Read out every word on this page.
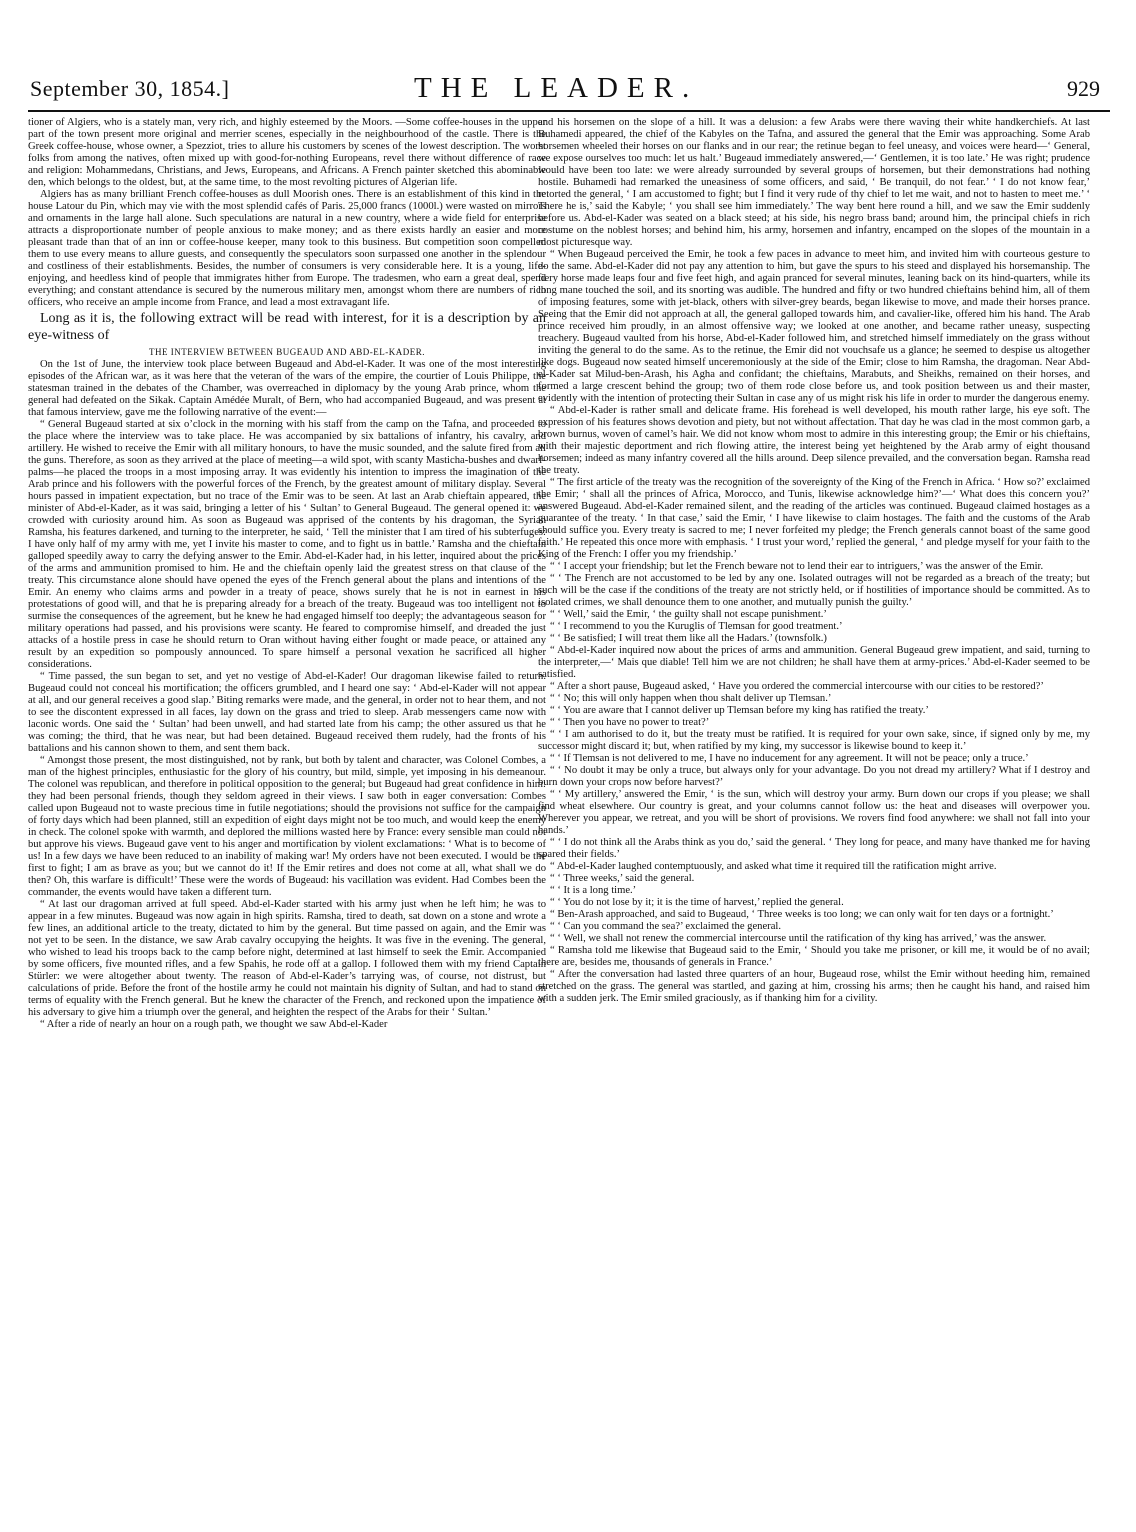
September 30, 1854.]	THE LEADER.	929

tioner of Algiers, who is a stately man, very rich, and highly esteemed by the Moors. —Some coffee-houses in the upper part of the town present more original and merrier scenes, especially in the neighbourhood of the castle. There is the Greek coffee-house, whose owner, a Spezziot, tries to allure his customers by scenes of the lowest description. The worst folks from among the natives, often mixed up with good-for-nothing Europeans, revel there without difference of race and religion: Mohammedans, Christians, and Jews, Europeans, and Africans. A French painter sketched this abominable den, which belongs to the oldest, but, at the same time, to the most revolting pictures of Algerian life.

Algiers has as many brilliant French coffee-houses as dull Moorish ones. There is an establishment of this kind in the house Latour du Pin, which may vie with the most splendid cafés of Paris. 25,000 francs (1000l.) were wasted on mirrors and ornaments in the large hall alone. Such speculations are natural in a new country, where a wide field for enterprise attracts a disproportionate number of people anxious to make money; and as there exists hardly an easier and more pleasant trade than that of an inn or coffee-house keeper, many took to this business. But competition soon compelled them to use every means to allure guests, and consequently the speculators soon surpassed one another in the splendour and costliness of their establishments. Besides, the number of consumers is very considerable here. It is a young, life-enjoying, and heedless kind of people that immigrates hither from Europe. The tradesmen, who earn a great deal, spend everything; and constant attendance is secured by the numerous military men, amongst whom there are numbers of rich officers, who receive an ample income from France, and lead a most extravagant life.

Long as it is, the following extract will be read with interest, for it is a description by an eye-witness of

THE INTERVIEW BETWEEN BUGEAUD AND ABD-EL-KADER.

On the 1st of June, the interview took place between Bugeaud and Abd-el-Kader. It was one of the most interesting episodes of the African war, as it was here that the veteran of the wars of the empire, the courtier of Louis Philippe, the statesman trained in the debates of the Chamber, was overreached in diplomacy by the young Arab prince, whom the general had defeated on the Sikak. Captain Amédée Muralt, of Bern, who had accompanied Bugeaud, and was present at that famous interview, gave me the following narrative of the event:—

“ General Bugeaud started at six o’clock in the morning with his staff from the camp on the Tafna, and proceeded to the place where the interview was to take place. He was accompanied by six battalions of infantry, his cavalry, and artillery. He wished to receive the Emir with all military honours, to have the music sounded, and the salute fired from all the guns. Therefore, as soon as they arrived at the place of meeting—a wild spot, with scanty Masticha-bushes and dwarf-palms—he placed the troops in a most imposing array. It was evidently his intention to impress the imagination of the Arab prince and his followers with the powerful forces of the French, by the greatest amount of military display. Several hours passed in impatient expectation, but no trace of the Emir was to be seen. At last an Arab chieftain appeared, the minister of Abd-el-Kader, as it was said, bringing a letter of his ‘ Sultan’ to General Bugeaud. The general opened it: we crowded with curiosity around him. As soon as Bugeaud was apprised of the contents by his dragoman, the Syrian Ramsha, his features darkened, and turning to the interpreter, he said, ‘ Tell the minister that I am tired of his subterfuges: I have only half of my army with me, yet I invite his master to come, and to fight us in battle.’ Ramsha and the chieftain galloped speedily away to carry the defying answer to the Emir. Abd-el-Kader had, in his letter, inquired about the prices of the arms and ammunition promised to him. He and the chieftain openly laid the greatest stress on that clause of the treaty. This circumstance alone should have opened the eyes of the French general about the plans and intentions of the Emir. An enemy who claims arms and powder in a treaty of peace, shows surely that he is not in earnest in his protestations of good will, and that he is preparing already for a breach of the treaty. Bugeaud was too intelligent not to surmise the consequences of the agreement, but he knew he had engaged himself too deeply; the advantageous season for military operations had passed, and his provisions were scanty. He feared to compromise himself, and dreaded the just attacks of a hostile press in case he should return to Oran without having either fought or made peace, or attained any result by an expedition so pompously announced. To spare himself a personal vexation he sacrificed all higher considerations.

“ Time passed, the sun began to set, and yet no vestige of Abd-el-Kader! Our dragoman likewise failed to return. Bugeaud could not conceal his mortification; the officers grumbled, and I heard one say: ‘ Abd-el-Kader will not appear at all, and our general receives a good slap.’ Biting remarks were made, and the general, in order not to hear them, and not to see the discontent expressed in all faces, lay down on the grass and tried to sleep. Arab messengers came now with laconic words. One said the ‘ Sultan’ had been unwell, and had started late from his camp; the other assured us that he was coming; the third, that he was near, but had been detained. Bugeaud received them rudely, had the fronts of his battalions and his cannon shown to them, and sent them back.

“ Amongst those present, the most distinguished, not by rank, but both by talent and character, was Colonel Combes, a man of the highest principles, enthusiastic for the glory of his country, but mild, simple, yet imposing in his demeanour. The colonel was republican, and therefore in political opposition to the general; but Bugeaud had great confidence in him: they had been personal friends, though they seldom agreed in their views. I saw both in eager conversation: Combes called upon Bugeaud not to waste precious time in futile negotiations; should the provisions not suffice for the campaign of forty days which had been planned, still an expedition of eight days might not be too much, and would keep the enemy in check. The colonel spoke with warmth, and deplored the millions wasted here by France: every sensible man could not but approve his views. Bugeaud gave vent to his anger and mortification by violent exclamations: ‘ What is to become of us! In a few days we have been reduced to an inability of making war! My orders have not been executed. I would be the first to fight; I am as brave as you; but we cannot do it! If the Emir retires and does not come at all, what shall we do then? Oh, this warfare is difficult!’ These were the words of Bugeaud: his vacillation was evident. Had Combes been the commander, the events would have taken a different turn.

“ At last our dragoman arrived at full speed. Abd-el-Kader started with his army just when he left him; he was to appear in a few minutes. Bugeaud was now again in high spirits. Ramsha, tired to death, sat down on a stone and wrote a few lines, an additional article to the treaty, dictated to him by the general. But time passed on again, and the Emir was not yet to be seen. In the distance, we saw Arab cavalry occupying the heights. It was five in the evening. The general, who wished to lead his troops back to the camp before night, determined at last himself to seek the Emir. Accompanied by some officers, five mounted rifles, and a few Spahis, he rode off at a gallop. I followed them with my friend Captain Stürler: we were altogether about twenty. The reason of Abd-el-Kader’s tarrying was, of course, not distrust, but calculations of pride. Before the front of the hostile army he could not maintain his dignity of Sultan, and had to stand on terms of equality with the French general. But he knew the character of the French, and reckoned upon the impatience of his adversary to give him a triumph over the general, and heighten the respect of the Arabs for their ‘ Sultan.’

“ After a ride of nearly an hour on a rough path, we thought we saw Abd-el-Kader

and his horsemen on the slope of a hill. It was a delusion: a few Arabs were there waving their white handkerchiefs. At last Buhamedi appeared, the chief of the Kabyles on the Tafna, and assured the general that the Emir was approaching. Some Arab horsemen wheeled their horses on our flanks and in our rear; the retinue began to feel uneasy, and voices were heard—‘ General, we expose ourselves too much: let us halt.’ Bugeaud immediately answered,—‘ Gentlemen, it is too late.’ He was right; prudence would have been too late: we were already surrounded by several groups of horsemen, but their demonstrations had nothing hostile. Buhamedi had remarked the uneasiness of some officers, and said, ‘ Be tranquil, do not fear.’ ‘ I do not know fear,’ retorted the general, ‘ I am accustomed to fight; but I find it very rude of thy chief to let me wait, and not to hasten to meet me.’ ‘ There he is,’ said the Kabyle; ‘ you shall see him immediately.’ The way bent here round a hill, and we saw the Emir suddenly before us. Abd-el-Kader was seated on a black steed; at his side, his negro brass band; around him, the principal chiefs in rich costume on the noblest horses; and behind him, his army, horsemen and infantry, encamped on the slopes of the mountain in a most picturesque way.

“ When Bugeaud perceived the Emir, he took a few paces in advance to meet him, and invited him with courteous gesture to do the same. Abd-el-Kader did not pay any attention to him, but gave the spurs to his steed and displayed his horsemanship. The fiery horse made leaps four and five feet high, and again pranced for several minutes, leaning back on its hind-quarters, while its long mane touched the soil, and its snorting was audible. The hundred and fifty or two hundred chieftains behind him, all of them of imposing features, some with jet-black, others with silver-grey beards, began likewise to move, and made their horses prance. Seeing that the Emir did not approach at all, the general galloped towards him, and cavalier-like, offered him his hand. The Arab prince received him proudly, in an almost offensive way; we looked at one another, and became rather uneasy, suspecting treachery. Bugeaud vaulted from his horse, Abd-el-Kader followed him, and stretched himself immediately on the grass without inviting the general to do the same. As to the retinue, the Emir did not vouchsafe us a glance; he seemed to despise us altogether like dogs. Bugeaud now seated himself unceremoniously at the side of the Emir; close to him Ramsha, the dragoman. Near Abd-el-Kader sat Milud-ben-Arash, his Agha and confidant; the chieftains, Marabuts, and Sheikhs, remained on their horses, and formed a large crescent behind the group; two of them rode close before us, and took position between us and their master, evidently with the intention of protecting their Sultan in case any of us might risk his life in order to murder the dangerous enemy.

“ Abd-el-Kader is rather small and delicate frame. His forehead is well developed, his mouth rather large, his eye soft. The expression of his features shows devotion and piety, but not without affectation. That day he was clad in the most common garb, a brown burnus, woven of camel’s hair. We did not know whom most to admire in this interesting group; the Emir or his chieftains, with their majestic deportment and rich flowing attire, the interest being yet heightened by the Arab army of eight thousand horsemen; indeed as many infantry covered all the hills around. Deep silence prevailed, and the conversation began. Ramsha read the treaty.

“ The first article of the treaty was the recognition of the sovereignty of the King of the French in Africa. ‘ How so?’ exclaimed the Emir; ‘ shall all the princes of Africa, Morocco, and Tunis, likewise acknowledge him?’—‘ What does this concern you?’ answered Bugeaud. Abd-el-Kader remained silent, and the reading of the articles was continued. Bugeaud claimed hostages as a guarantee of the treaty. ‘ In that case,’ said the Emir, ‘ I have likewise to claim hostages. The faith and the customs of the Arab should suffice you. Every treaty is sacred to me; I never forfeited my pledge; the French generals cannot boast of the same good faith.’ He repeated this once more with emphasis. ‘ I trust your word,’ replied the general, ‘ and pledge myself for your faith to the King of the French: I offer you my friendship.’

“ ‘ I accept your friendship; but let the French beware not to lend their ear to intriguers,’ was the answer of the Emir.

“ ‘ The French are not accustomed to be led by any one. Isolated outrages will not be regarded as a breach of the treaty; but such will be the case if the conditions of the treaty are not strictly held, or if hostilities of importance should be committed. As to isolated crimes, we shall denounce them to one another, and mutually punish the guilty.’

“ ‘ Well,’ said the Emir, ‘ the guilty shall not escape punishment.’

“ ‘ I recommend to you the Kuruglis of Tlemsan for good treatment.’

“ ‘ Be satisfied; I will treat them like all the Hadars.’ (townsfolk.)

“ Abd-el-Kader inquired now about the prices of arms and ammunition. General Bugeaud grew impatient, and said, turning to the interpreter,—‘ Mais que diable! Tell him we are not children; he shall have them at army-prices.’ Abd-el-Kader seemed to be satisfied.

“ After a short pause, Bugeaud asked, ‘ Have you ordered the commercial intercourse with our cities to be restored?’

“ ‘ No; this will only happen when thou shalt deliver up Tlemsan.’

“ ‘ You are aware that I cannot deliver up Tlemsan before my king has ratified the treaty.’

“ ‘ Then you have no power to treat?’

“ ‘ I am authorised to do it, but the treaty must be ratified. It is required for your own sake, since, if signed only by me, my successor might discard it; but, when ratified by my king, my successor is likewise bound to keep it.’

“ ‘ If Tlemsan is not delivered to me, I have no inducement for any agreement. It will not be peace; only a truce.’

“ ‘ No doubt it may be only a truce, but always only for your advantage. Do you not dread my artillery? What if I destroy and burn down your crops now before harvest?’

“ ‘ My artillery,’ answered the Emir, ‘ is the sun, which will destroy your army. Burn down our crops if you please; we shall find wheat elsewhere. Our country is great, and your columns cannot follow us: the heat and diseases will overpower you. Wherever you appear, we retreat, and you will be short of provisions. We rovers find food anywhere: we shall not fall into your hands.’

“ ‘ I do not think all the Arabs think as you do,’ said the general. ‘ They long for peace, and many have thanked me for having spared their fields.’

“ Abd-el-Kader laughed contemptuously, and asked what time it required till the ratification might arrive.

“ ‘ Three weeks,’ said the general.

“ ‘ It is a long time.’

“ ‘ You do not lose by it; it is the time of harvest,’ replied the general.

“ Ben-Arash approached, and said to Bugeaud, ‘ Three weeks is too long; we can only wait for ten days or a fortnight.’

“ ‘ Can you command the sea?’ exclaimed the general.

“ ‘ Well, we shall not renew the commercial intercourse until the ratification of thy king has arrived,’ was the answer.

“ Ramsha told me likewise that Bugeaud said to the Emir, ‘ Should you take me prisoner, or kill me, it would be of no avail; there are, besides me, thousands of generals in France.’

“ After the conversation had lasted three quarters of an hour, Bugeaud rose, whilst the Emir without heeding him, remained stretched on the grass. The general was startled, and gazing at him, crossing his arms; then he caught his hand, and raised him with a sudden jerk. The Emir smiled graciously, as if thanking him for a civility.
